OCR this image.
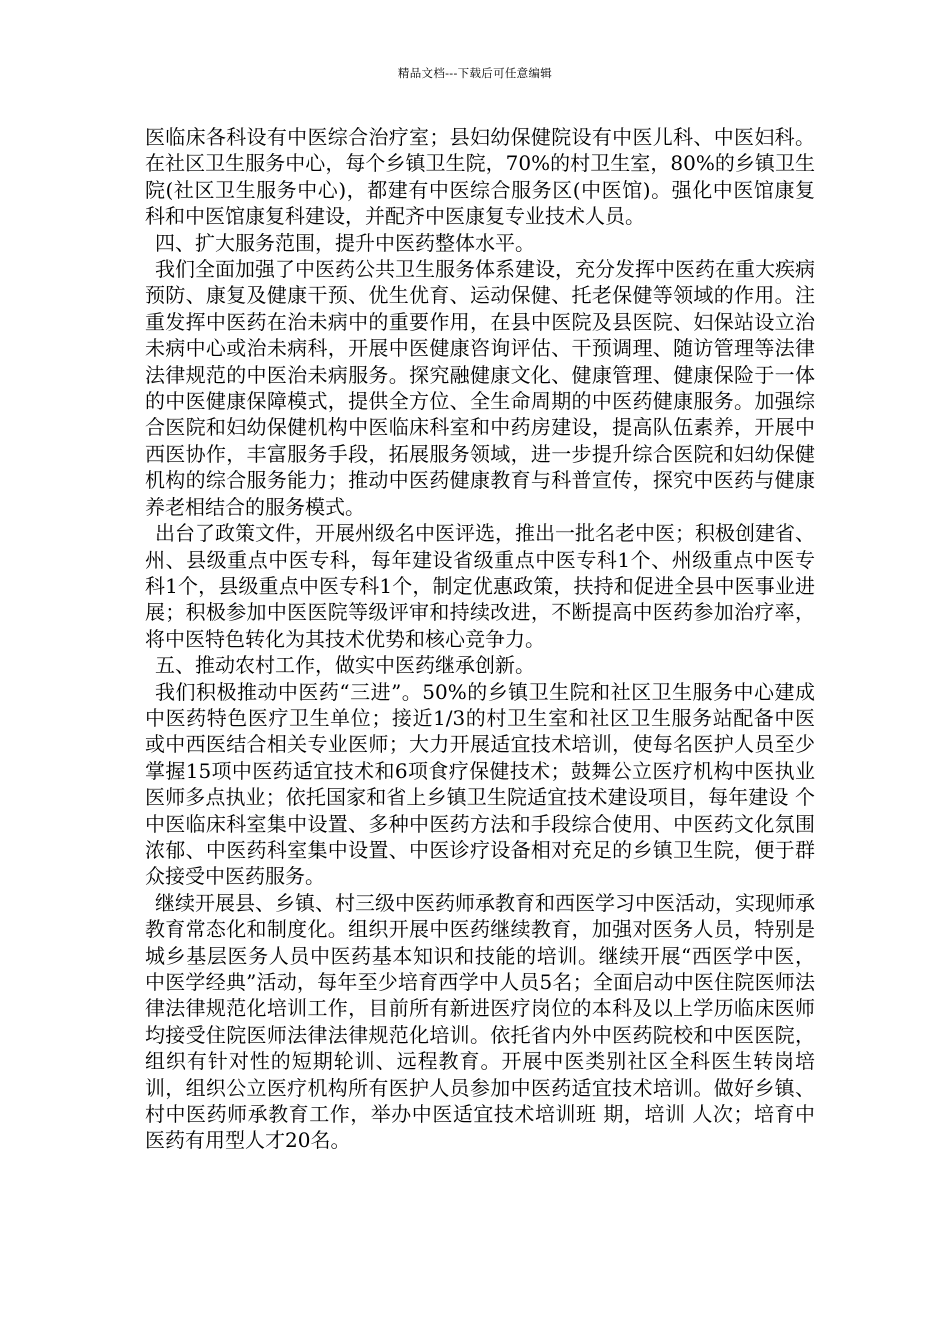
精品文档---下载后可任意编辑

医临床各科设有中医综合治疗室；县妇幼保健院设有中医儿科、中医妇科。在社区卫生服务中心，每个乡镇卫生院，70%的村卫生室，80%的乡镇卫生院(社区卫生服务中心)，都建有中医综合服务区(中医馆)。强化中医馆康复科和中医馆康复科建设，并配齐中医康复专业技术人员。

四、扩大服务范围，提升中医药整体水平。

我们全面加强了中医药公共卫生服务体系建设，充分发挥中医药在重大疾病预防、康复及健康干预、优生优育、运动保健、托老保健等领域的作用。注重发挥中医药在治未病中的重要作用，在县中医院及县医院、妇保站设立治未病中心或治未病科，开展中医健康咨询评估、干预调理、随访管理等法律法律规范的中医治未病服务。探究融健康文化、健康管理、健康保险于一体的中医健康保障模式，提供全方位、全生命周期的中医药健康服务。加强综合医院和妇幼保健机构中医临床科室和中药房建设，提高队伍素养，开展中西医协作，丰富服务手段，拓展服务领域，进一步提升综合医院和妇幼保健机构的综合服务能力；推动中医药健康教育与科普宣传，探究中医药与健康养老相结合的服务模式。

出台了政策文件，开展州级名中医评选，推出一批名老中医；积极创建省、州、县级重点中医专科，每年建设省级重点中医专科1个、州级重点中医专科1个，县级重点中医专科1个，制定优惠政策，扶持和促进全县中医事业进展；积极参加中医医院等级评审和持续改进，不断提高中医药参加治疗率，将中医特色转化为其技术优势和核心竞争力。

五、推动农村工作，做实中医药继承创新。

我们积极推动中医药“三进”。50%的乡镇卫生院和社区卫生服务中心建成中医药特色医疗卫生单位；接近1/3的村卫生室和社区卫生服务站配备中医或中西医结合相关专业医师；大力开展适宜技术培训，使每名医护人员至少掌握15项中医药适宜技术和6项食疗保健技术；鼓舞公立医疗机构中医执业医师多点执业；依托国家和省上乡镇卫生院适宜技术建设项目，每年建设 个中医临床科室集中设置、多种中医药方法和手段综合使用、中医药文化氛围浓郁、中医药科室集中设置、中医诊疗设备相对充足的乡镇卫生院，便于群众接受中医药服务。

继续开展县、乡镇、村三级中医药师承教育和西医学习中医活动，实现师承教育常态化和制度化。组织开展中医药继续教育，加强对医务人员，特别是城乡基层医务人员中医药基本知识和技能的培训。继续开展“西医学中医，中医学经典”活动，每年至少培育西学中人员5名；全面启动中医住院医师法律法律规范化培训工作，目前所有新进医疗岗位的本科及以上学历临床医师均接受住院医师法律法律规范化培训。依托省内外中医药院校和中医医院，组织有针对性的短期轮训、远程教育。开展中医类别社区全科医生转岗培训，组织公立医疗机构所有医护人员参加中医药适宜技术培训。做好乡镇、村中医药师承教育工作，举办中医适宜技术培训班 期，培训 人次；培育中医药有用型人才20名。
